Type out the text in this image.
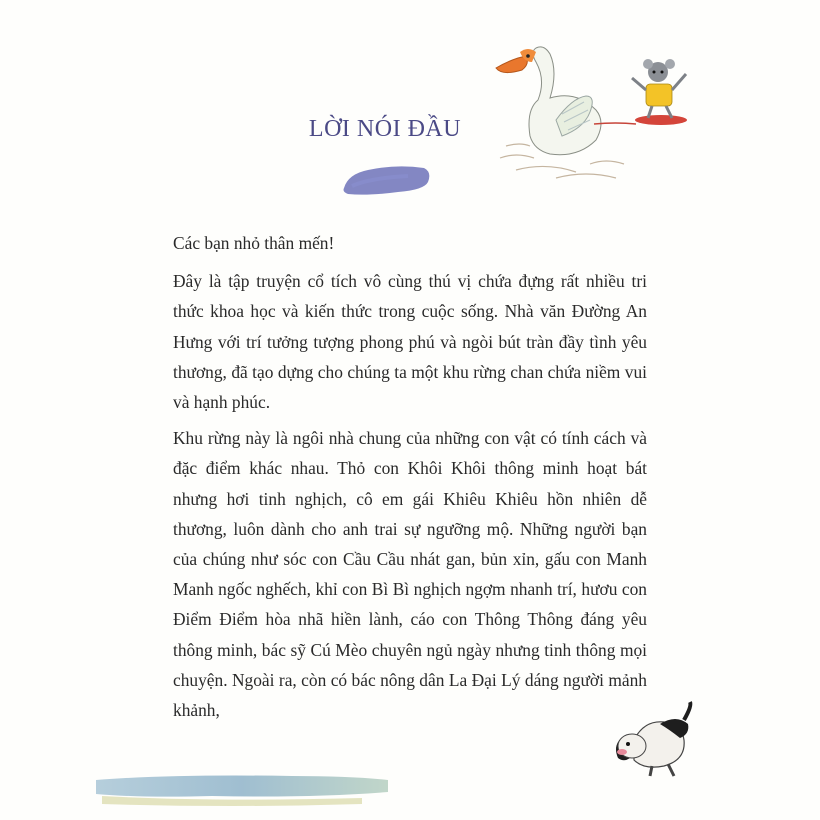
LỜI NÓI ĐẦU

Các bạn nhỏ thân mến!

Đây là tập truyện cổ tích vô cùng thú vị chứa đựng rất nhiều tri thức khoa học và kiến thức trong cuộc sống. Nhà văn Đường An Hưng với trí tưởng tượng phong phú và ngòi bút tràn đầy tình yêu thương, đã tạo dựng cho chúng ta một khu rừng chan chứa niềm vui và hạnh phúc.

Khu rừng này là ngôi nhà chung của những con vật có tính cách và đặc điểm khác nhau. Thỏ con Khôi Khôi thông minh hoạt bát nhưng hơi tinh nghịch, cô em gái Khiêu Khiêu hồn nhiên dễ thương, luôn dành cho anh trai sự ngưỡng mộ. Những người bạn của chúng như sóc con Cầu Cầu nhát gan, bủn xỉn, gấu con Manh Manh ngốc nghếch, khỉ con Bì Bì nghịch ngợm nhanh trí, hươu con Điểm Điểm hòa nhã hiền lành, cáo con Thông Thông đáng yêu thông minh, bác sỹ Cú Mèo chuyên ngủ ngày nhưng tinh thông mọi chuyện. Ngoài ra, còn có bác nông dân La Đại Lý dáng người mảnh khảnh,
